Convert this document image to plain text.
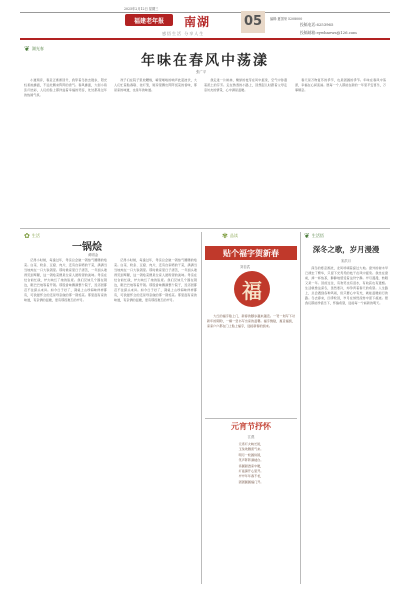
2025年2月12日 星期三
福建老年报 南湖
感悟生活 分享人生
05	编辑:夏国荣 5208000
投稿电话:6253965
投稿邮箱:eywhnews@126.com
❦ 湖光春
年味在春风中荡漾
张广平

小道两旁，春意正渐渐回升，我穿着冬装去散步，阳光轻柔地拂面，不远处飘来阵阵的香气。春风拂面，大街小巷张灯结彩，人们的脸上都洋溢着幸福的笑容，处处都是过年的热闹气氛。

孩子们在院子里放鞭炮，噼里啪啦的响声此起彼伏，大人们忙着贴春联、挂灯笼，厨房里飘出阵阵饭菜的香味，那是家的味道，也是年的味道。

我走进一片桃林，嫩绿的枝芽在风中摇曳，空气中弥漫着泥土的芬芳。走在熟悉的小路上，回想起儿时跟着父母走亲访友的情景，心中满是温暖。

春天是万物复苏的季节，也是团圆的季节。年味在春风中荡漾，幸福在心间流淌。愿每一个人都能在新的一年里平安喜乐，万事顺意。

✿ 生活
一锅烩
黄明金

记得小时候，每逢过年，母亲总会做一锅热气腾腾的烩菜。白菜、粉条、豆腐、肉片，还有自家晒的干菜，满满当当地炖在一口大铁锅里。那时候家里日子清苦，一年到头难得见到荤腥，这一锅烩菜便是全家人最盼望的美味。母亲在灶台前忙碌，炉火映红了她的脸庞。我们兄妹几个围在锅边，眼巴巴地等着开锅。那股香味飘满整个院子，连邻居都忍不住探头来问。如今日子好了，餐桌上山珍海味样样都有，可我最怀念的还是母亲做的那一锅烩菜。那里面有家的味道，有亲情的温暖，更有那段难忘的岁月。

记得小时候，每逢过年，母亲总会做一锅热气腾腾的烩菜。白菜、粉条、豆腐、肉片，还有自家晒的干菜，满满当当地炖在一口大铁锅里。那时候家里日子清苦，一年到头难得见到荤腥，这一锅烩菜便是全家人最盼望的美味。母亲在灶台前忙碌，炉火映红了她的脸庞。我们兄妹几个围在锅边，眼巴巴地等着开锅。那股香味飘满整个院子，连邻居都忍不住探头来问。如今日子好了，餐桌上山珍海味样样都有，可我最怀念的还是母亲做的那一锅烩菜。那里面有家的味道，有亲情的温暖，更有那段难忘的岁月。

✾ 品读
贴个福字贺新春
刘自武
福

大红的福字贴上门，新春的脚步越来越近。一笔一划写下对新年的期盼，一横一竖书写出家的温馨。福字倒贴，寓意福到，家家户户都在门上贴上福字，迎接新春的到来。

元宵节抒怀
江燕
元宵灯火映长街，
玉兔欢腾喜气来。
明月一轮圆似镜，
笑声阵阵满楼台。
汤圆甜透家中暖，
灯谜猜开心里开。
岁岁年年春不老，
团团圆圆福门开。
❦ 生活悟
深冬之歌，岁月漫漫
宋洪月

深冬的寒意渐浓，北风呼啸着掠过大地。窗外的树木早已褪去了繁华，只留下光秃秃的枝干在风中摇曳。我坐在窗前，捧一杯热茶，静静地感受着这份宁静。岁月漫漫，转眼又是一年。回首过往，有欢笑也有泪水，有收获也有遗憾。生活就像这深冬，虽然寒冷，却孕育着春天的希望。人生路上，总会遇到各种风雨，但只要心中有光，就能温暖前行的路。冬去春来，四季轮回，岁月在悄然流转中留下痕迹。愿我们都能珍惜当下，怀揣希望，迎接每一个崭新的明天。
